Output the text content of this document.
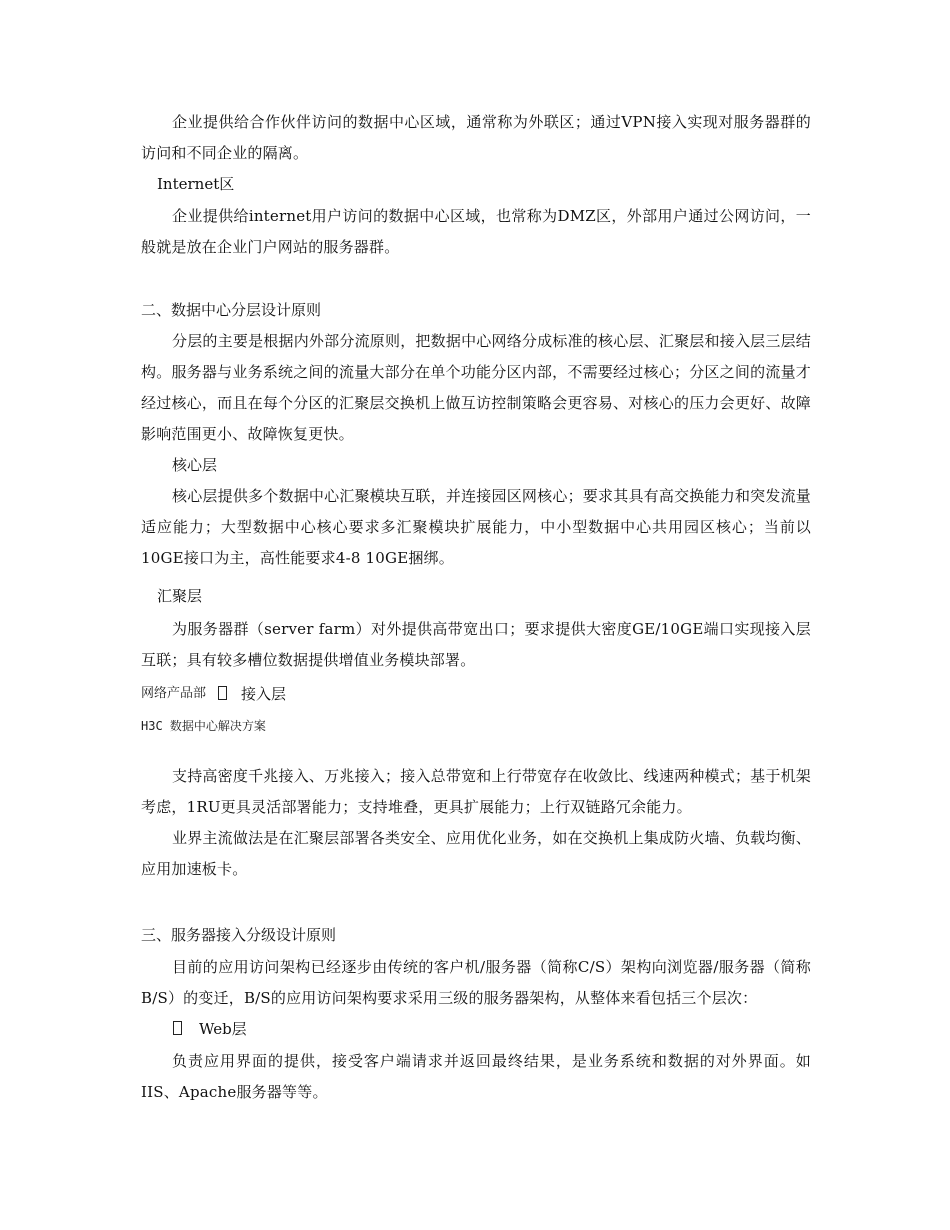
企业提供给合作伙伴访问的数据中心区域，通常称为外联区；通过VPN接入实现对服务器群的访问和不同企业的隔离。
Internet区
企业提供给internet用户访问的数据中心区域，也常称为DMZ区，外部用户通过公网访问，一般就是放在企业门户网站的服务器群。
二、数据中心分层设计原则
分层的主要是根据内外部分流原则，把数据中心网络分成标准的核心层、汇聚层和接入层三层结构。服务器与业务系统之间的流量大部分在单个功能分区内部，不需要经过核心；分区之间的流量才经过核心，而且在每个分区的汇聚层交换机上做互访控制策略会更容易、对核心的压力会更好、故障影响范围更小、故障恢复更快。
核心层
核心层提供多个数据中心汇聚模块互联，并连接园区网核心；要求其具有高交换能力和突发流量适应能力；大型数据中心核心要求多汇聚模块扩展能力，中小型数据中心共用园区核心；当前以10GE接口为主，高性能要求4-8 10GE捆绑。
汇聚层
为服务器群（server farm）对外提供高带宽出口；要求提供大密度GE/10GE端口实现接入层互联；具有较多槽位数据提供增值业务模块部署。
网络产品部 接入层
H3C 数据中心解决方案
支持高密度千兆接入、万兆接入；接入总带宽和上行带宽存在收敛比、线速两种模式；基于机架考虑，1RU更具灵活部署能力；支持堆叠，更具扩展能力；上行双链路冗余能力。
业界主流做法是在汇聚层部署各类安全、应用优化业务，如在交换机上集成防火墙、负载均衡、应用加速板卡。
三、服务器接入分级设计原则
目前的应用访问架构已经逐步由传统的客户机/服务器（简称C/S）架构向浏览器/服务器（简称B/S）的变迁，B/S的应用访问架构要求采用三级的服务器架构，从整体来看包括三个层次：
Web层
负责应用界面的提供，接受客户端请求并返回最终结果，是业务系统和数据的对外界面。如IIS、Apache服务器等等。
